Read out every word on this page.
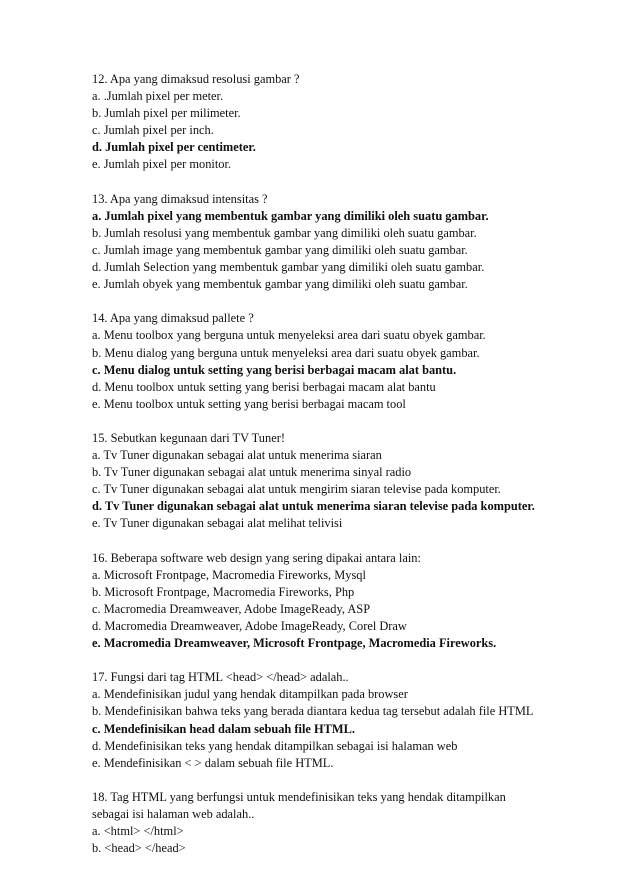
12. Apa yang dimaksud resolusi gambar ?
a. .Jumlah pixel per meter.
b. Jumlah pixel per milimeter.
c. Jumlah pixel per inch.
d. Jumlah pixel per centimeter.
e. Jumlah pixel per monitor.
13. Apa yang dimaksud intensitas ?
a. Jumlah pixel yang membentuk gambar yang dimiliki oleh suatu gambar.
b. Jumlah resolusi yang membentuk gambar yang dimiliki oleh suatu gambar.
c. Jumlah image yang membentuk gambar yang dimiliki oleh suatu gambar.
d. Jumlah Selection yang membentuk gambar yang dimiliki oleh suatu gambar.
e. Jumlah obyek yang membentuk gambar yang dimiliki oleh suatu gambar.
14. Apa yang dimaksud pallete ?
a. Menu toolbox yang berguna untuk menyeleksi area dari suatu obyek gambar.
b. Menu dialog yang berguna untuk menyeleksi area dari suatu obyek gambar.
c. Menu dialog untuk setting yang berisi berbagai macam alat bantu.
d. Menu toolbox untuk setting yang berisi berbagai macam alat bantu
e. Menu toolbox untuk setting yang berisi berbagai macam tool
15. Sebutkan kegunaan dari TV Tuner!
a. Tv Tuner digunakan sebagai alat untuk menerima siaran
b. Tv Tuner digunakan sebagai alat untuk menerima sinyal radio
c. Tv Tuner digunakan sebagai alat untuk mengirim siaran televise pada komputer.
d. Tv Tuner digunakan sebagai alat untuk menerima siaran televise pada komputer.
e. Tv Tuner digunakan sebagai alat melihat telivisi
16. Beberapa software web design yang sering dipakai antara lain:
a. Microsoft Frontpage, Macromedia Fireworks, Mysql
b. Microsoft Frontpage, Macromedia Fireworks, Php
c. Macromedia Dreamweaver, Adobe ImageReady, ASP
d. Macromedia Dreamweaver, Adobe ImageReady, Corel Draw
e. Macromedia Dreamweaver, Microsoft Frontpage, Macromedia Fireworks.
17. Fungsi dari tag HTML <head> </head> adalah..
a. Mendefinisikan judul yang hendak ditampilkan pada browser
b. Mendefinisikan bahwa teks yang berada diantara kedua tag tersebut adalah file HTML
c. Mendefinisikan head dalam sebuah file HTML.
d. Mendefinisikan teks yang hendak ditampilkan sebagai isi halaman web
e. Mendefinisikan < > dalam sebuah file HTML.
18. Tag HTML yang berfungsi untuk mendefinisikan teks yang hendak ditampilkan
sebagai isi halaman web adalah..
a. <html> </html>
b. <head> </head>
